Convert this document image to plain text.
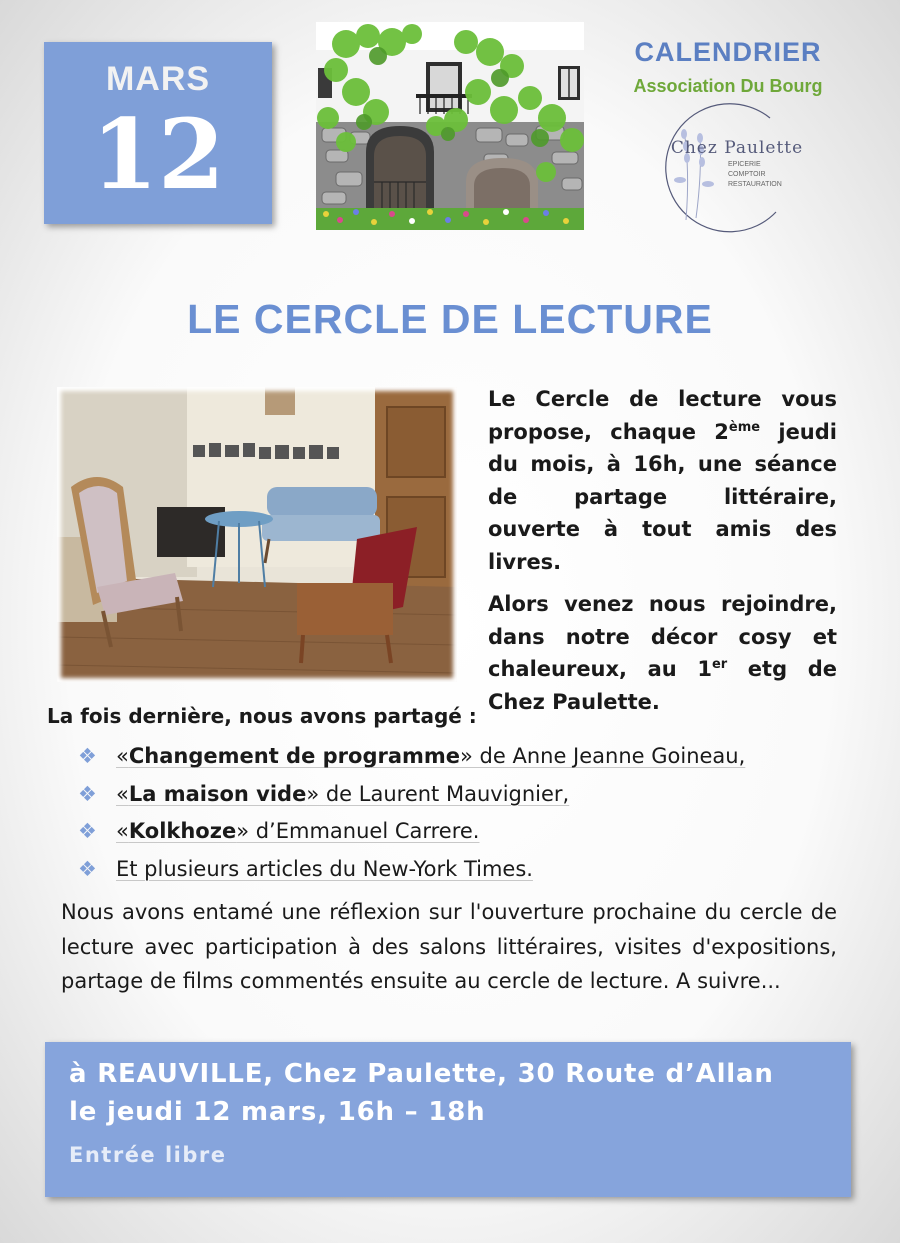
MARS
12
CALENDRIER
Association Du Bourg
Chez Paulette
EPICERIE
COMPTOIR
RESTAURATION
LE CERCLE DE LECTURE

Le Cercle de lecture vous propose, chaque 2ème jeudi du mois, à 16h, une séance de partage littéraire, ouverte à tout amis des livres.

Alors venez nous rejoindre, dans notre décor cosy et chaleureux, au 1er etg de Chez Paulette.

La fois dernière, nous avons partagé :
❖ «Changement de programme» de Anne Jeanne Goineau,
❖ «La maison vide» de Laurent Mauvignier,
❖ «Kolkhoze» d’Emmanuel Carrere.
❖ Et plusieurs articles du New-York Times.
Nous avons entamé une réflexion sur l'ouverture prochaine du cercle de lecture avec participation à des salons littéraires, visites d'expositions, partage de films commentés ensuite au cercle de lecture. A suivre...
à REAUVILLE, Chez Paulette, 30 Route d’Allan
le jeudi 12 mars, 16h – 18h
Entrée libre
